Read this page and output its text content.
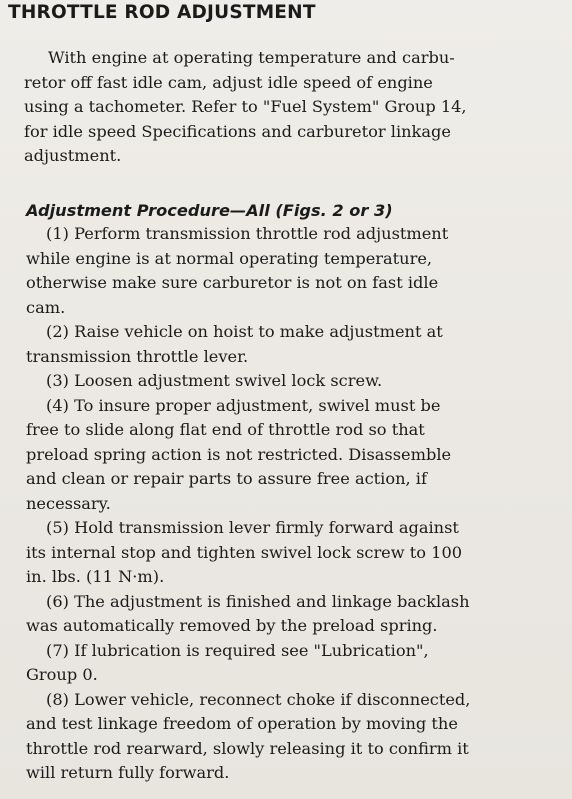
THROTTLE ROD ADJUSTMENT

With engine at operating temperature and carbu-
retor off fast idle cam, adjust idle speed of engine
using a tachometer. Refer to "Fuel System" Group 14,
for idle speed Specifications and carburetor linkage
adjustment.

Adjustment Procedure—All (Figs. 2 or 3)
(1) Perform transmission throttle rod adjustment
while engine is at normal operating temperature,
otherwise make sure carburetor is not on fast idle
cam.
(2) Raise vehicle on hoist to make adjustment at
transmission throttle lever.
(3) Loosen adjustment swivel lock screw.
(4) To insure proper adjustment, swivel must be
free to slide along flat end of throttle rod so that
preload spring action is not restricted. Disassemble
and clean or repair parts to assure free action, if
necessary.
(5) Hold transmission lever firmly forward against
its internal stop and tighten swivel lock screw to 100
in. lbs. (11 N·m).
(6) The adjustment is finished and linkage backlash
was automatically removed by the preload spring.
(7) If lubrication is required see "Lubrication",
Group 0.
(8) Lower vehicle, reconnect choke if disconnected,
and test linkage freedom of operation by moving the
throttle rod rearward, slowly releasing it to confirm it
will return fully forward.
